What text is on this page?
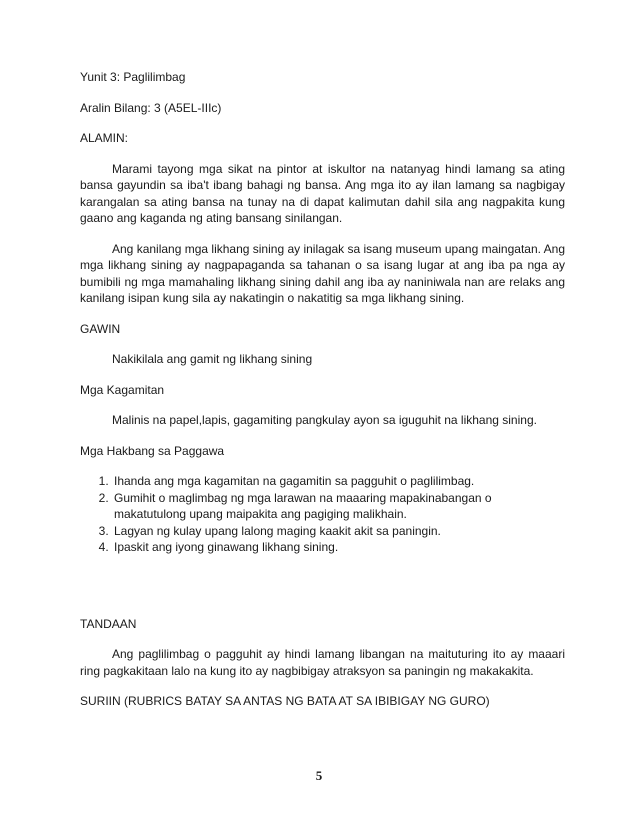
Yunit 3: Paglilimbag

Aralin Bilang: 3 (A5EL-IIIc)

ALAMIN:

Marami tayong mga sikat na pintor at iskultor na natanyag hindi lamang sa ating bansa gayundin sa iba't ibang bahagi ng bansa. Ang mga ito ay ilan lamang sa nagbigay karangalan sa ating bansa na tunay na di dapat kalimutan dahil sila ang nagpakita kung gaano ang kaganda ng ating bansang sinilangan.

Ang kanilang mga likhang sining ay inilagak sa isang museum upang maingatan. Ang mga likhang sining ay nagpapaganda sa tahanan o sa isang lugar at ang iba pa nga ay bumibili ng mga mamahaling likhang sining dahil ang iba ay naniniwala nan are relaks ang kanilang isipan kung sila ay nakatingin o nakatitig sa mga likhang sining.

GAWIN

Nakikilala ang gamit ng likhang sining

Mga Kagamitan

Malinis na papel,lapis, gagamiting pangkulay ayon sa iguguhit na likhang sining.

Mga Hakbang sa Paggawa

1. Ihanda ang mga kagamitan na gagamitin sa pagguhit o paglilimbag.
2. Gumihit o maglimbag ng mga larawan na maaaring mapakinabangan o makatutulong upang maipakita ang pagiging malikhain.
3. Lagyan ng kulay upang lalong maging kaakit akit sa paningin.
4. Ipaskit ang iyong ginawang likhang sining.

TANDAAN

Ang paglilimbag o pagguhit ay hindi lamang libangan na maituturing ito ay maaari ring pagkakitaan lalo na kung ito ay nagbibigay atraksyon sa paningin ng makakakita.

SURIIN (RUBRICS BATAY SA ANTAS NG BATA AT SA IBIBIGAY NG GURO)

5
